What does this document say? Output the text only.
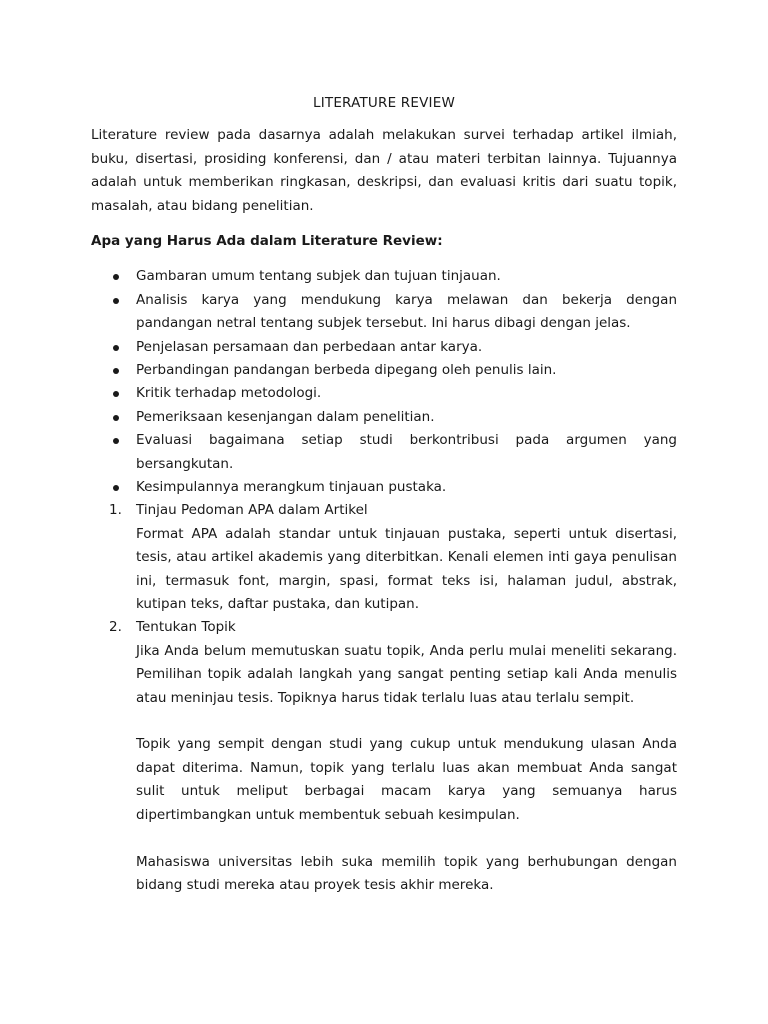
LITERATURE REVIEW

Literature review pada dasarnya adalah melakukan survei terhadap artikel ilmiah, buku, disertasi, prosiding konferensi, dan / atau materi terbitan lainnya. Tujuannya adalah untuk memberikan ringkasan, deskripsi, dan evaluasi kritis dari suatu topik, masalah, atau bidang penelitian.

Apa yang Harus Ada dalam Literature Review:
Gambaran umum tentang subjek dan tujuan tinjauan.
Analisis karya yang mendukung karya melawan dan bekerja dengan pandangan netral tentang subjek tersebut. Ini harus dibagi dengan jelas.
Penjelasan persamaan dan perbedaan antar karya.
Perbandingan pandangan berbeda dipegang oleh penulis lain.
Kritik terhadap metodologi.
Pemeriksaan kesenjangan dalam penelitian.
Evaluasi bagaimana setiap studi berkontribusi pada argumen yang bersangkutan.
Kesimpulannya merangkum tinjauan pustaka.
1. Tinjau Pedoman APA dalam Artikel
Format APA adalah standar untuk tinjauan pustaka, seperti untuk disertasi, tesis, atau artikel akademis yang diterbitkan. Kenali elemen inti gaya penulisan ini, termasuk font, margin, spasi, format teks isi, halaman judul, abstrak, kutipan teks, daftar pustaka, dan kutipan.
2. Tentukan Topik
Jika Anda belum memutuskan suatu topik, Anda perlu mulai meneliti sekarang. Pemilihan topik adalah langkah yang sangat penting setiap kali Anda menulis atau meninjau tesis. Topiknya harus tidak terlalu luas atau terlalu sempit.
Topik yang sempit dengan studi yang cukup untuk mendukung ulasan Anda dapat diterima. Namun, topik yang terlalu luas akan membuat Anda sangat sulit untuk meliput berbagai macam karya yang semuanya harus dipertimbangkan untuk membentuk sebuah kesimpulan.
Mahasiswa universitas lebih suka memilih topik yang berhubungan dengan bidang studi mereka atau proyek tesis akhir mereka.
